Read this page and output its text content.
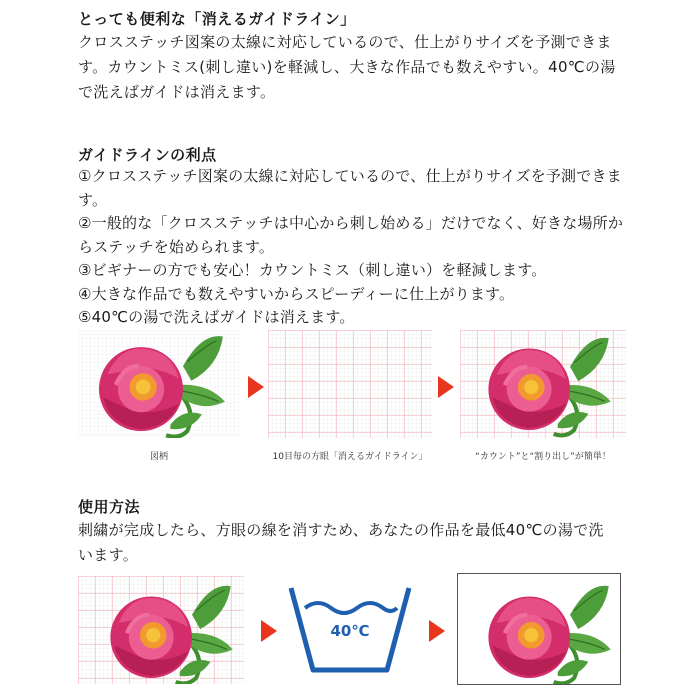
とっても便利な「消えるガイドライン」
クロスステッチ図案の太線に対応しているので、仕上がりサイズを予測できま
す。カウントミス(刺し違い)を軽減し、大きな作品でも数えやすい。40℃の湯
で洗えばガイドは消えます。
ガイドラインの利点
①クロスステッチ図案の太線に対応しているので、仕上がりサイズを予測できます。
②一般的な「クロスステッチは中心から刺し始める」だけでなく、好きな場所か
らステッチを始められます。
③ビギナーの方でも安心！カウントミス（刺し違い）を軽減します。
④大きな作品でも数えやすいからスピーディーに仕上がります。
⑤40℃の湯で洗えばガイドは消えます。
図柄	10目毎の方眼「消えるガイドライン」	“カウント”と“割り出し”が簡単！
使用方法
刺繍が完成したら、方眼の線を消すため、あなたの作品を最低40℃の湯で洗
います。
40℃
